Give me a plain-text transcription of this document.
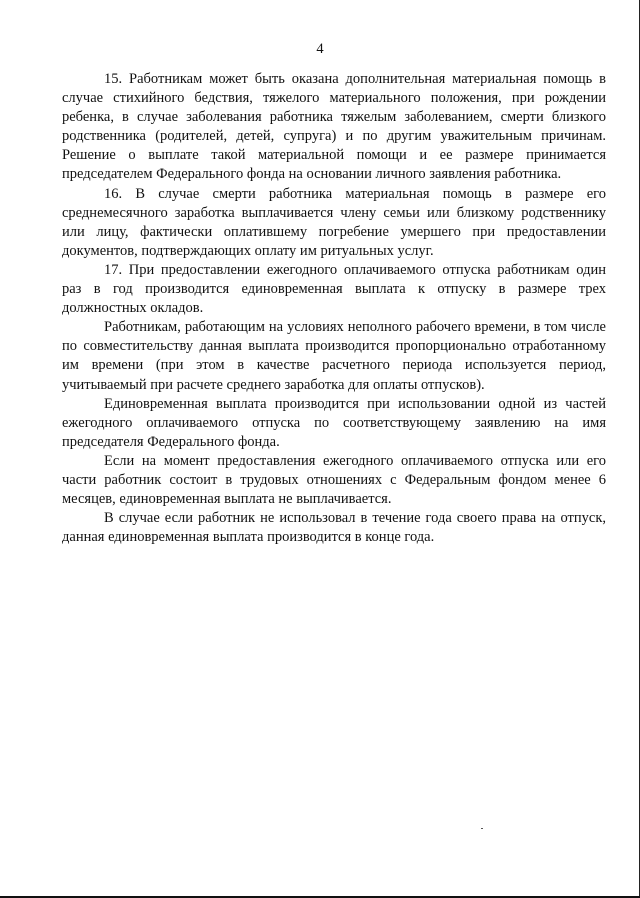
4

15. Работникам может быть оказана дополнительная материальная помощь в случае стихийного бедствия, тяжелого материального положения, при рождении ребенка, в случае заболевания работника тяжелым заболеванием, смерти близкого родственника (родителей, детей, супруга) и по другим уважительным причинам. Решение о выплате такой материальной помощи и ее размере принимается председателем Федерального фонда на основании личного заявления работника.

16. В случае смерти работника материальная помощь в размере его среднемесячного заработка выплачивается члену семьи или близкому родственнику или лицу, фактически оплатившему погребение умершего при предоставлении документов, подтверждающих оплату им ритуальных услуг.

17. При предоставлении ежегодного оплачиваемого отпуска работникам один раз в год производится единовременная выплата к отпуску в размере трех должностных окладов.

Работникам, работающим на условиях неполного рабочего времени, в том числе по совместительству данная выплата производится пропорционально отработанному им времени (при этом в качестве расчетного периода используется период, учитываемый при расчете среднего заработка для оплаты отпусков).

Единовременная выплата производится при использовании одной из частей ежегодного оплачиваемого отпуска по соответствующему заявлению на имя председателя Федерального фонда.

Если на момент предоставления ежегодного оплачиваемого отпуска или его части работник состоит в трудовых отношениях с Федеральным фондом менее 6 месяцев, единовременная выплата не выплачивается.

В случае если работник не использовал в течение года своего права на отпуск, данная единовременная выплата производится в конце года.
